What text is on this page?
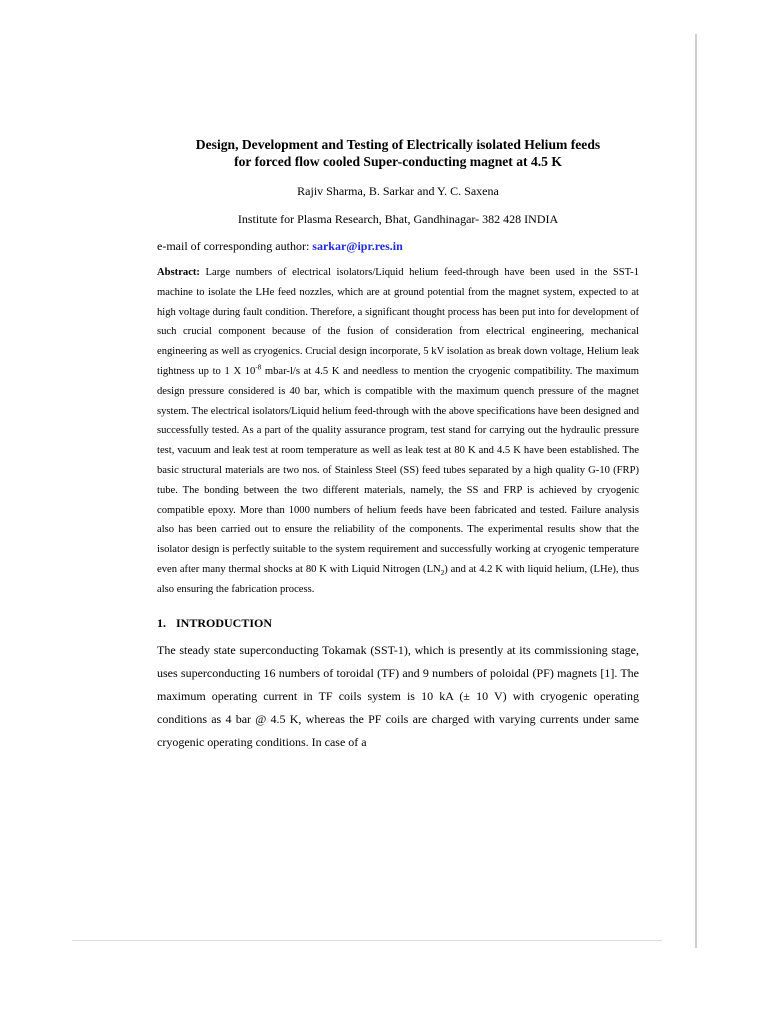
Design, Development and Testing of Electrically isolated Helium feeds
for forced flow cooled Super-conducting magnet at 4.5 K
Rajiv Sharma, B. Sarkar and Y. C. Saxena
Institute for Plasma Research, Bhat, Gandhinagar- 382 428 INDIA
e-mail of corresponding author: sarkar@ipr.res.in
Abstract: Large numbers of electrical isolators/Liquid helium feed-through have been used in the SST-1 machine to isolate the LHe feed nozzles, which are at ground potential from the magnet system, expected to at high voltage during fault condition. Therefore, a significant thought process has been put into for development of such crucial component because of the fusion of consideration from electrical engineering, mechanical engineering as well as cryogenics. Crucial design incorporate, 5 kV isolation as break down voltage, Helium leak tightness up to 1 X $10^{-8}$ mbar-l/s at 4.5 K and needless to mention the cryogenic compatibility. The maximum design pressure considered is 40 bar, which is compatible with the maximum quench pressure of the magnet system. The electrical isolators/Liquid helium feed-through with the above specifications have been designed and successfully tested. As a part of the quality assurance program, test stand for carrying out the hydraulic pressure test, vacuum and leak test at room temperature as well as leak test at 80 K and 4.5 K have been established. The basic structural materials are two nos. of Stainless Steel (SS) feed tubes separated by a high quality G-10 (FRP) tube. The bonding between the two different materials, namely, the SS and FRP is achieved by cryogenic compatible epoxy. More than 1000 numbers of helium feeds have been fabricated and tested. Failure analysis also has been carried out to ensure the reliability of the components. The experimental results show that the isolator design is perfectly suitable to the system requirement and successfully working at cryogenic temperature even after many thermal shocks at 80 K with Liquid Nitrogen $(LN_2)$ and at 4.2 K with liquid helium, (LHe), thus also ensuring the fabrication process.
1. INTRODUCTION
The steady state superconducting Tokamak (SST-1), which is presently at its commissioning stage, uses superconducting 16 numbers of toroidal (TF) and 9 numbers of poloidal (PF) magnets [1]. The maximum operating current in TF coils system is 10 kA (± 10 V) with cryogenic operating conditions as 4 bar @ 4.5 K, whereas the PF coils are charged with varying currents under same cryogenic operating conditions. In case of a
